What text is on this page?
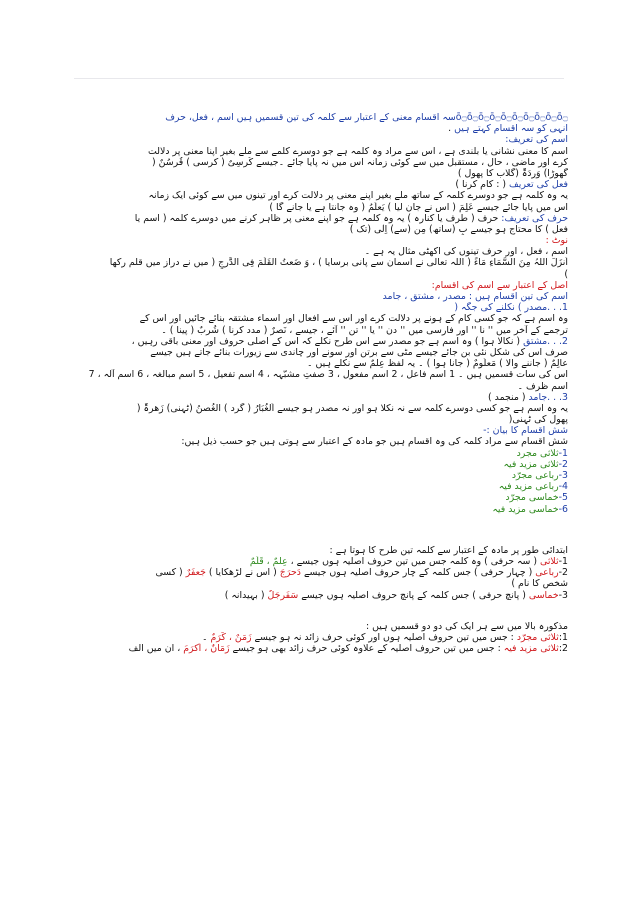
ō۝ō۝ō۝ō۝ō۝ō۝ō۝ō۝ō۝ō۝سہ اقسام معنی کے اعتبار سے کلمہ کی تین قسمیں ہیں اسم ، فعل، حرف
انہی کو سہ اقسام کہتے ہیں .
اسم کی تعریف:
اسم کا معنی نشانی یا بلندی ہے ، اس سے مراد وہ کلمہ ہے جو دوسرے کلمے سے ملے بغیر اپنا معنی پر دلالت
کرے اور ماضی ، حال ، مستقبل میں سے کوئی زمانہ اس میں نہ پایا جائے ۔جیسے کُرسِیٌ ( کرسی ) قُرسُنٌ (
گھوڑا) وَردَۃٌ (گلاب کا پھول )
فعل کی تعریف ( : کام کرنا )
یہ وہ کلمہ ہے جو دوسرے کلمہ کے ساتھ ملے بغیر اپنے معنی پر دلالت کرے اور تینوں میں سے کوئی ایک زمانہ
اس میں پایا جائے جیسے عَلِمَ ( اس نے جان لیا ) یَعلَمُ ( وہ جانتا ہے یا جانے گا )
حرف کی تعریف: حرف ( طرف یا کنارہ ) یہ وہ کلمہ ہے جو اپنے معنی پر ظاہر کرنے میں دوسرے کلمہ ( اسم یا
فعل ) کا محتاج ہو جیسے بِ (ساتھ) مِن (سے) اِلٰی (تک )
نوٹ :
اسم ، فعل ، اور حرف تینوں کی اکھٹی مثال یہ ہے ۔
اَنزَلَ اللہُ مِنَ السَّمَاءِ مَاءً ( اللہ تعالی نے اسمان سے پانی برسایا ) ، وَ ضَعتُ القَلَمَ فِی الدَّرجِ ( میں نے دراز میں قلم رکھا
)
اصل کے اعتبار سے اسم کی اقسام:
اسم کی تین اقسام ہیں : مصدر ، مشتق ، جامد
1. . .مصدر ) نکلنے کی جگہ (
وہ اسم ہے کہ جو کسی کام کے ہونے پر دلالت کرے اور اس سے افعال اور اسماء مشتقہ بنائے جائیں اور اس کے
ترجمے کے آخر میں '' نا '' اور فارسی میں '' دن '' یا '' تن '' آئے ، جیسے ، نَصرٌ ( مدد کرنا ) شُربٌ ( پینا ) ۔
2. . .مشتق ( نکالا ہوا ) وہ اسم ہے جو مصدر سے اس طرح نکلے کہ اس کے اصلی حروف اور معنی باقی رہیں ،
صرف اس کی شکل نئی بن جائے جیسے مٹی سے برتن اور سونے اور چاندی سے زیورات بنائے جاتے ہیں جیسے
عالِمٌ ( جاننے والا ) مَعلُومٌ ( جانا ہوا ) ۔ یہ لفظ عِلمٌ سے نکلے ہیں ۔
اس کی سات قسمیں ہیں ۔ 1 اسم فاعل ، 2 اسم مفعول ، 3 صفتِ مشبّہہ ، 4 اسم تفعیل ، 5 اسم مبالغہ ، 6 اسم آلہ ، 7
اسم ظرف ۔
3. . .جامد ( منجمد )
یہ وہ اسم ہے جو کسی دوسرے کلمہ سے نہ نکلا ہو اور نہ مصدر ہو جیسے اَلغُبَارُ ( گرد ) الغُصنُ (ٹہنی) زَهرۃٌ (
پھول کی ٹہنی(
شش اقسام کا بیان :-
شش اقسام سے مراد کلمہ کی وہ اقسام ہیں جو مادہ کے اعتبار سے ہوتی ہیں جو حسب ذیل ہیں:
1-ثلاثی مجرد
2-ثلاثی مزید فیہ
3-رباعی مجرّد
4-رباعی مزید فیہ
5-خماسی مجرّد
6-خماسی مزید فیہ
ابتدائی طور پر مادہ کے اعتبار سے کلمہ تین طرح کا ہوتا ہے :
1-ثلاثی ( سہ حرفی ) وہ کلمہ جس میں تین حروف اصلیہ ہوں جیسے ، عِلمٌ ، قَلَمٌ
2-رباعی ( چہار حرفی ) جس کلمہ کے چار حروف اصلیہ ہوں جیسے دَحرَجَ ( اس نے لڑھکایا ) جَعفَرٌ ( کسی
شخص کا نام )
3-خماسی ( پانچ حرفی ) جس کلمہ کے پانچ حروف اصلیہ ہوں جیسے سَفَرجَلٌ ( بہیدانہ )
مذکورہ بالا میں سے ہر ایک کی دو دو قسمیں ہیں :
1:ثلاثی مجرّد : جس میں تین حروف اصلیہ ہوں اور کوئی حرف زائد نہ ہو جیسے زَمَنٌ ، کَرَمٌ ۔
2:ثلاثی مزید فیہ : جس میں تین حروف اصلیہ کے علاوہ کوئی حرف زائد بھی ہو جیسے زَمَانٌ ، اَکرَمَ ، ان میں الف
